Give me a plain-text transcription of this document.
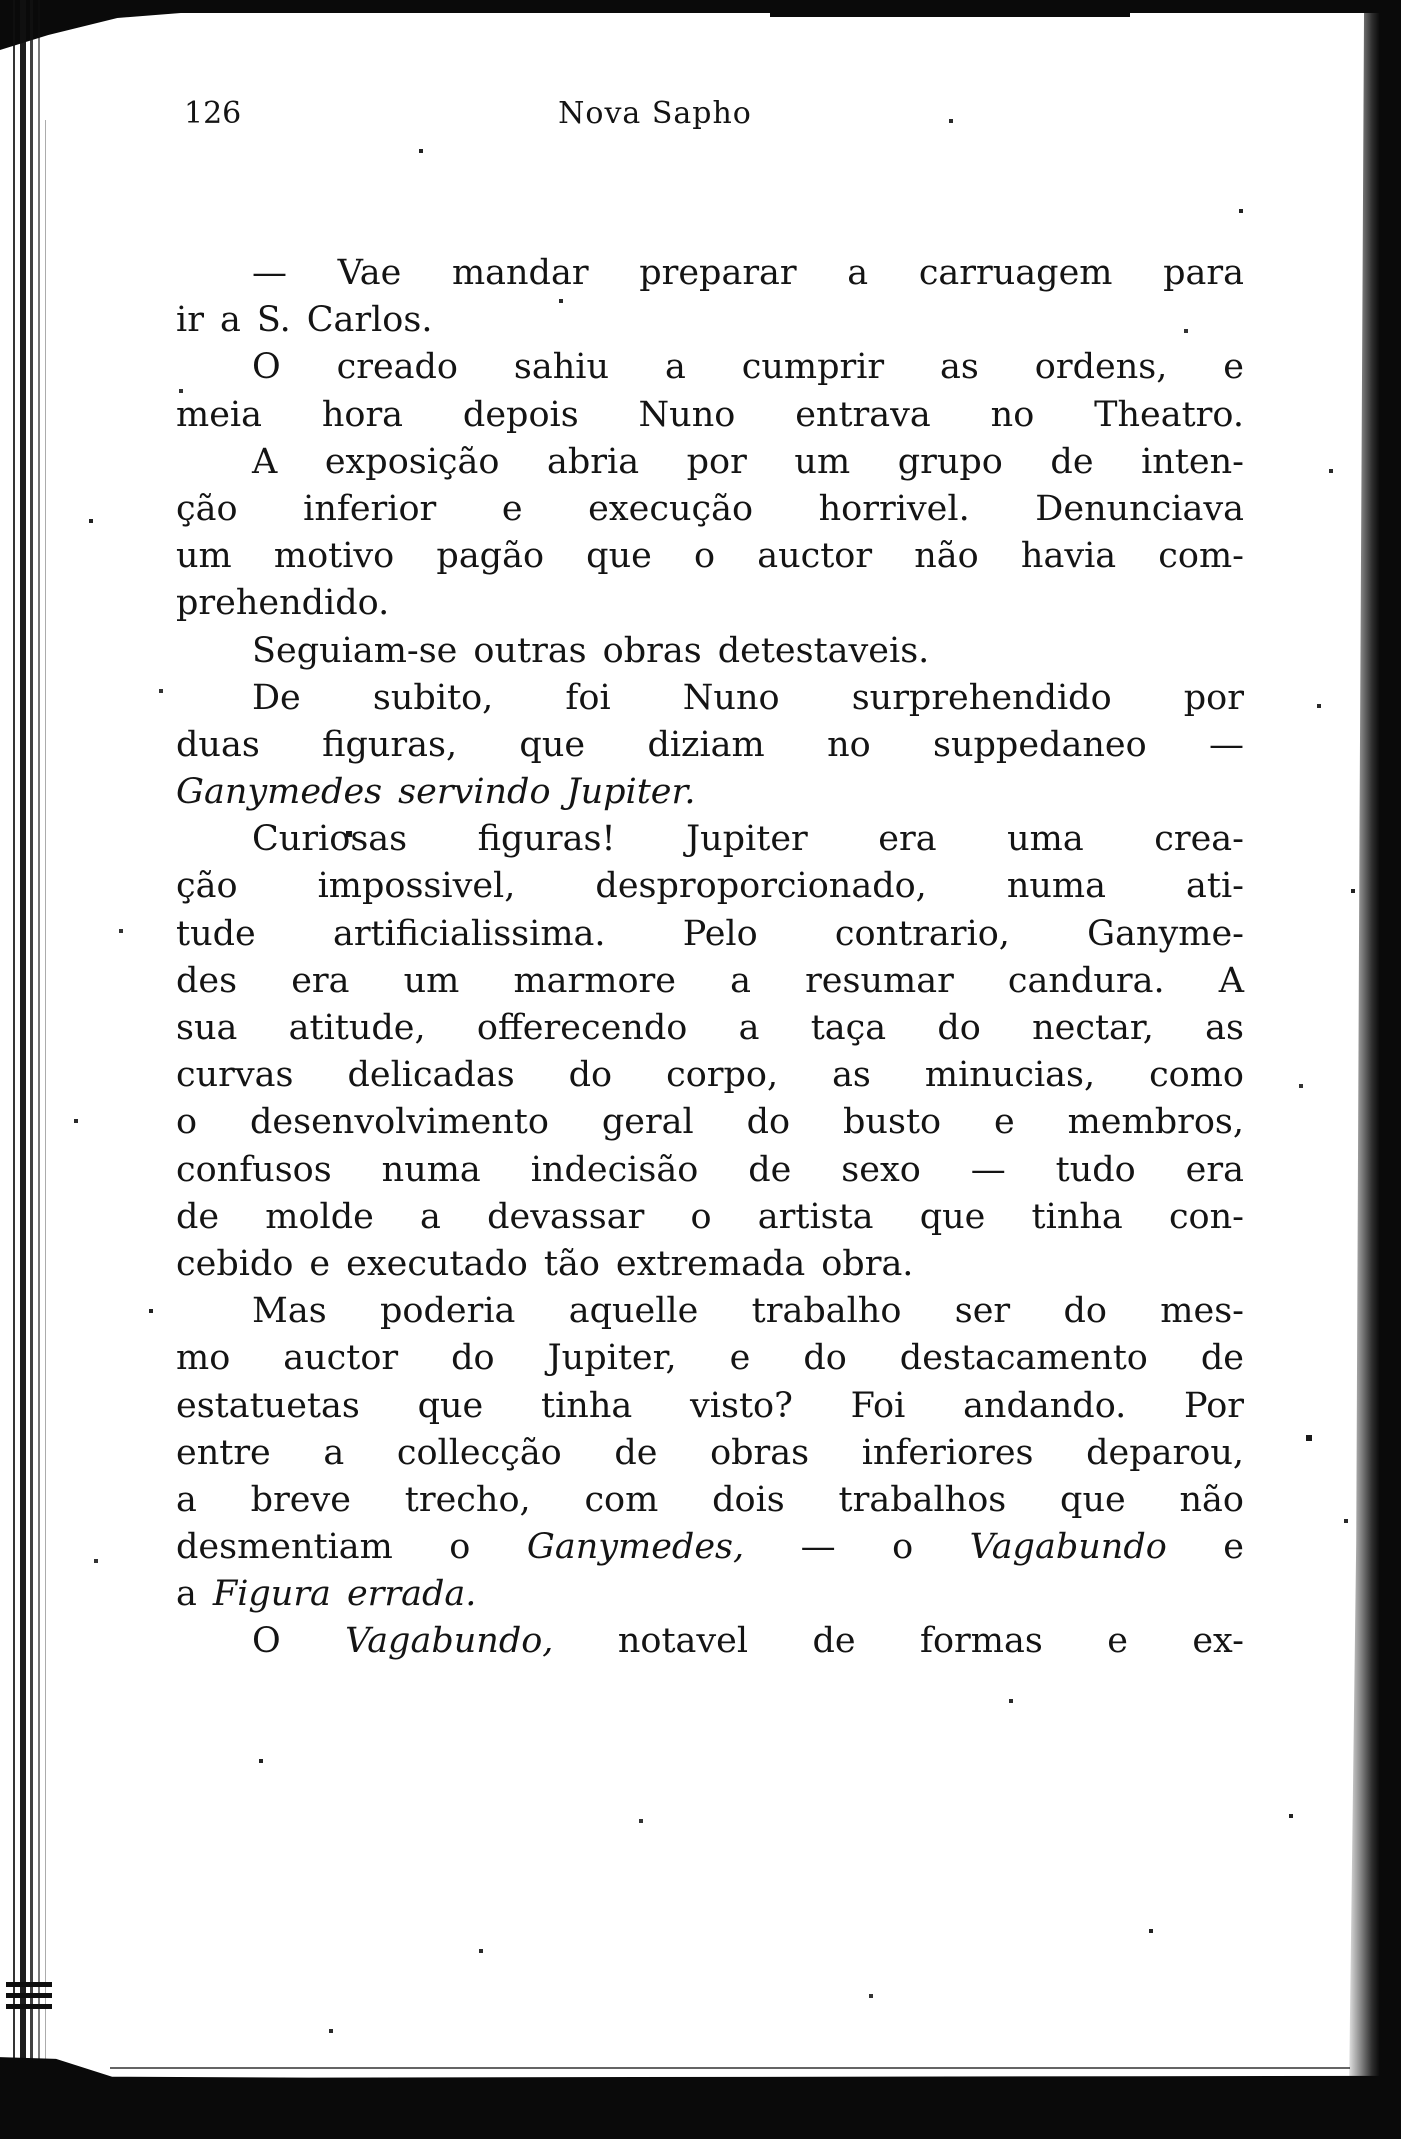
126	Nova Sapho
— Vae mandar preparar a carruagem para
ir a S. Carlos.
O creado sahiu a cumprir as ordens, e
meia hora depois Nuno entrava no Theatro.
A exposição abria por um grupo de inten-
ção inferior e execução horrivel. Denunciava
um motivo pagão que o auctor não havia com-
prehendido.
Seguiam-se outras obras detestaveis.
De subito, foi Nuno surprehendido por
duas figuras, que diziam no suppedaneo —
Ganymedes servindo Jupiter.
Curiosas figuras! Jupiter era uma crea-
ção impossivel, desproporcionado, numa ati-
tude artificialissima. Pelo contrario, Ganyme-
des era um marmore a resumar candura. A
sua atitude, offerecendo a taça do nectar, as
curvas delicadas do corpo, as minucias, como
o desenvolvimento geral do busto e membros,
confusos numa indecisão de sexo — tudo era
de molde a devassar o artista que tinha con-
cebido e executado tão extremada obra.
Mas poderia aquelle trabalho ser do mes-
mo auctor do Jupiter, e do destacamento de
estatuetas que tinha visto? Foi andando. Por
entre a collecção de obras inferiores deparou,
a breve trecho, com dois trabalhos que não
desmentiam o Ganymedes, — o Vagabundo e
a Figura errada.
O Vagabundo, notavel de formas e ex-
